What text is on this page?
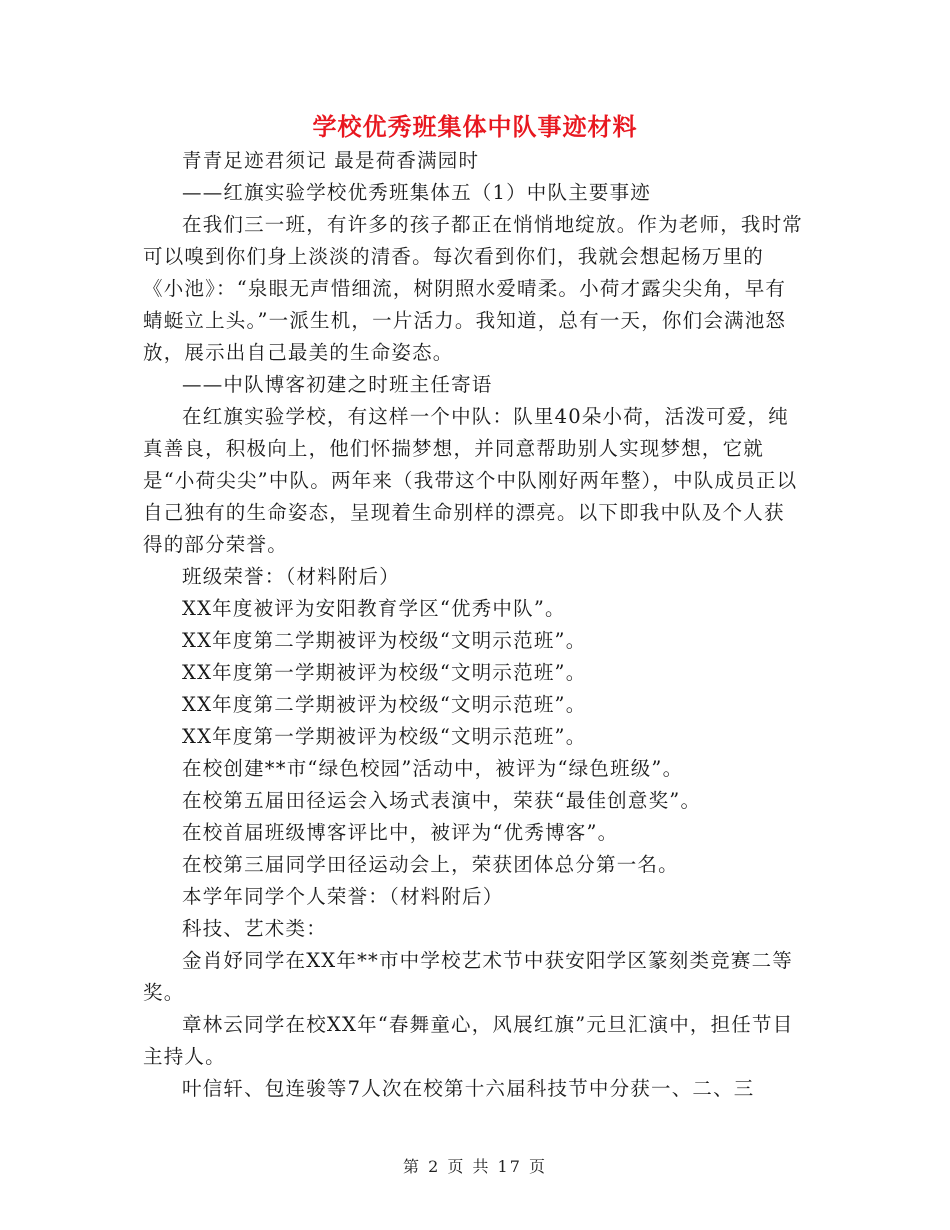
学校优秀班集体中队事迹材料

青青足迹君须记 最是荷香满园时

——红旗实验学校优秀班集体五（1）中队主要事迹

在我们三一班，有许多的孩子都正在悄悄地绽放。作为老师，我时常可以嗅到你们身上淡淡的清香。每次看到你们，我就会想起杨万里的《小池》：“泉眼无声惜细流，树阴照水爱晴柔。小荷才露尖尖角，早有蜻蜓立上头。”一派生机，一片活力。我知道，总有一天，你们会满池怒放，展示出自己最美的生命姿态。

——中队博客初建之时班主任寄语

在红旗实验学校，有这样一个中队：队里40朵小荷，活泼可爱，纯真善良，积极向上，他们怀揣梦想，并同意帮助别人实现梦想，它就是“小荷尖尖”中队。两年来（我带这个中队刚好两年整），中队成员正以自己独有的生命姿态，呈现着生命别样的漂亮。以下即我中队及个人获得的部分荣誉。

班级荣誉：（材料附后）

XX年度被评为安阳教育学区“优秀中队”。

XX年度第二学期被评为校级“文明示范班”。

XX年度第一学期被评为校级“文明示范班”。

XX年度第二学期被评为校级“文明示范班”。

XX年度第一学期被评为校级“文明示范班”。

在校创建**市“绿色校园”活动中，被评为“绿色班级”。

在校第五届田径运会入场式表演中，荣获“最佳创意奖”。

在校首届班级博客评比中，被评为“优秀博客”。

在校第三届同学田径运动会上，荣获团体总分第一名。

本学年同学个人荣誉：（材料附后）

科技、艺术类：

金肖妤同学在XX年**市中学校艺术节中获安阳学区篆刻类竞赛二等奖。

章林云同学在校XX年“春舞童心，风展红旗”元旦汇演中，担任节目主持人。

叶信轩、包连骏等7人次在校第十六届科技节中分获一、二、三

第 2 页 共 17 页
